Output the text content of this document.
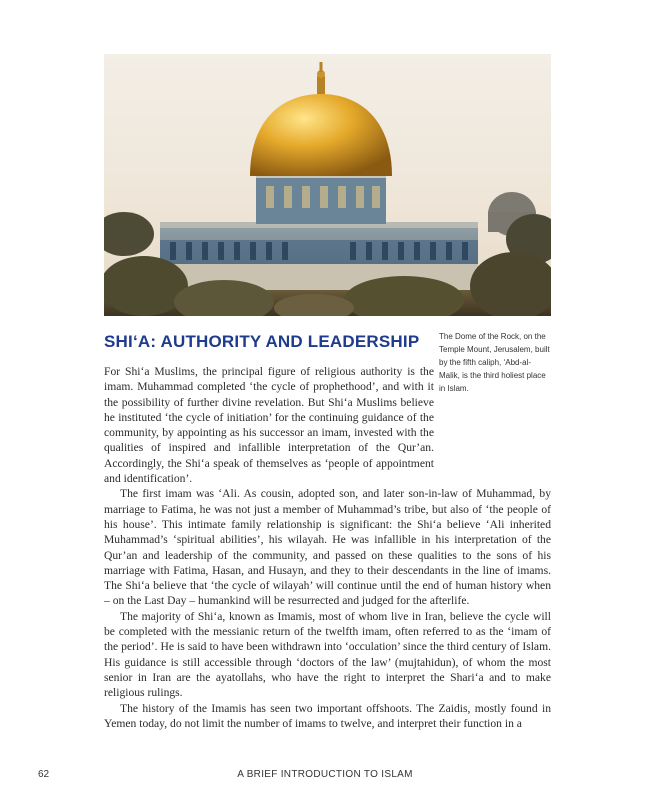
SHI‘A: AUTHORITY AND LEADERSHIP The Dome of the Rock, on the Temple Mount, Jerusalem, built by the fifth caliph, ‘Abd-al-Malik, is the third holiest place in Islam.

For Shi‘a Muslims, the principal figure of religious authority is the imam. Muhammad completed ‘the cycle of prophethood’, and with it the possibility of further divine revelation. But Shi‘a Muslims believe he instituted ‘the cycle of initiation’ for the continuing guidance of the community, by appointing as his successor an imam, invested with the qualities of inspired and infallible interpretation of the Qur’an. Accordingly, the Shi‘a speak of themselves as ‘people of appointment and identification’.

The first imam was ‘Ali. As cousin, adopted son, and later son-in-law of Muhammad, by marriage to Fatima, he was not just a member of Muhammad’s tribe, but also of ‘the people of his house’. This intimate family relationship is significant: the Shi‘a believe ‘Ali inherited Muhammad’s ‘spiritual abilities’, his wilayah. He was infallible in his interpretation of the Qur’an and leadership of the community, and passed on these qualities to the sons of his marriage with Fatima, Hasan, and Husayn, and they to their descendants in the line of imams. The Shi‘a believe that ‘the cycle of wilayah’ will continue until the end of human history when – on the Last Day – humankind will be resurrected and judged for the afterlife.

The majority of Shi‘a, known as Imamis, most of whom live in Iran, believe the cycle will be completed with the messianic return of the twelfth imam, often referred to as the ‘imam of the period’. He is said to have been withdrawn into ‘occulation’ since the third century of Islam. His guidance is still accessible through ‘doctors of the law’ (mujtahidun), of whom the most senior in Iran are the ayatollahs, who have the right to interpret the Shari‘a and to make religious rulings.

The history of the Imamis has seen two important offshoots. The Zaidis, mostly found in Yemen today, do not limit the number of imams to twelve, and interpret their function in a

62	A BRIEF INTRODUCTION TO ISLAM
